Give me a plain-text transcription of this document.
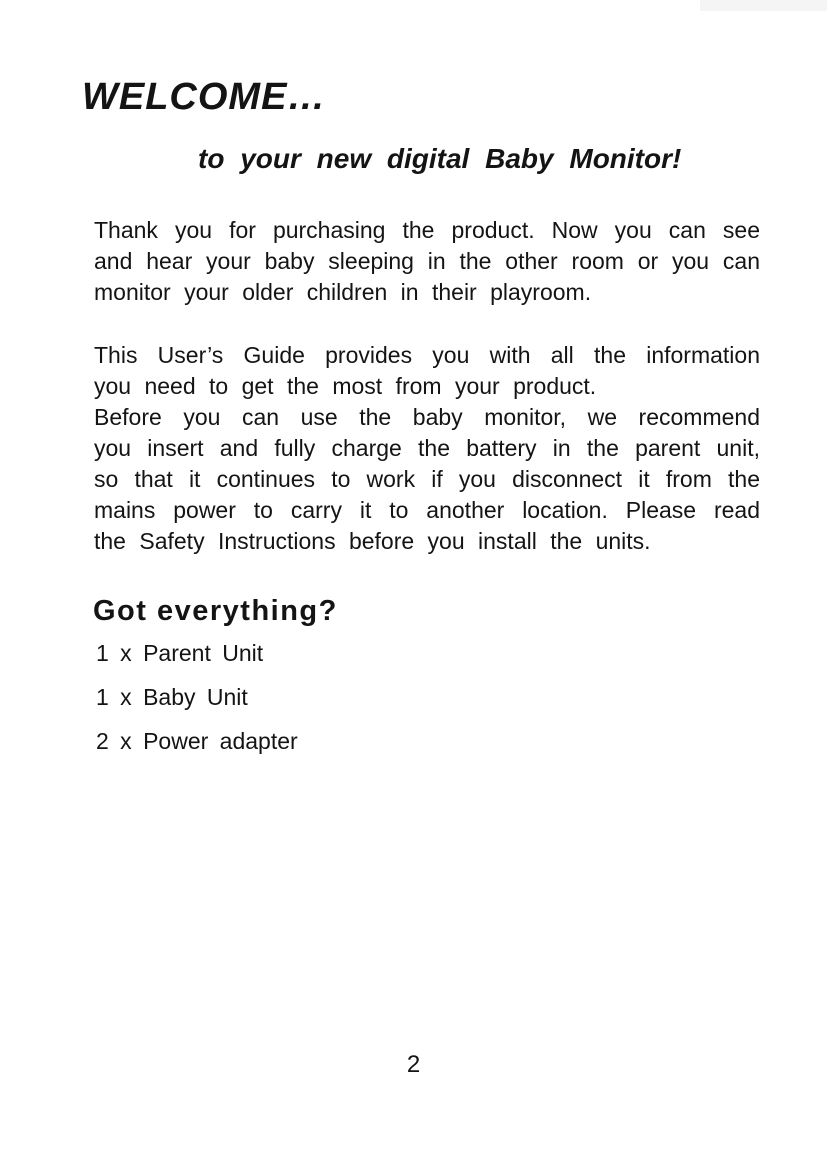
WELCOME…
to your new digital Baby Monitor!

Thank you for purchasing the product. Now you can see
and hear your baby sleeping in the other room or you can
monitor your older children in their playroom.

This User’s Guide provides you with all the information
you need to get the most from your product.

Before you can use the baby monitor, we recommend
you insert and fully charge the battery in the parent unit,
so that it continues to work if you disconnect it from the
mains power to carry it to another location. Please read
the Safety Instructions before you install the units.

Got everything?
1 x Parent Unit
1 x Baby Unit
2 x Power adapter
2
